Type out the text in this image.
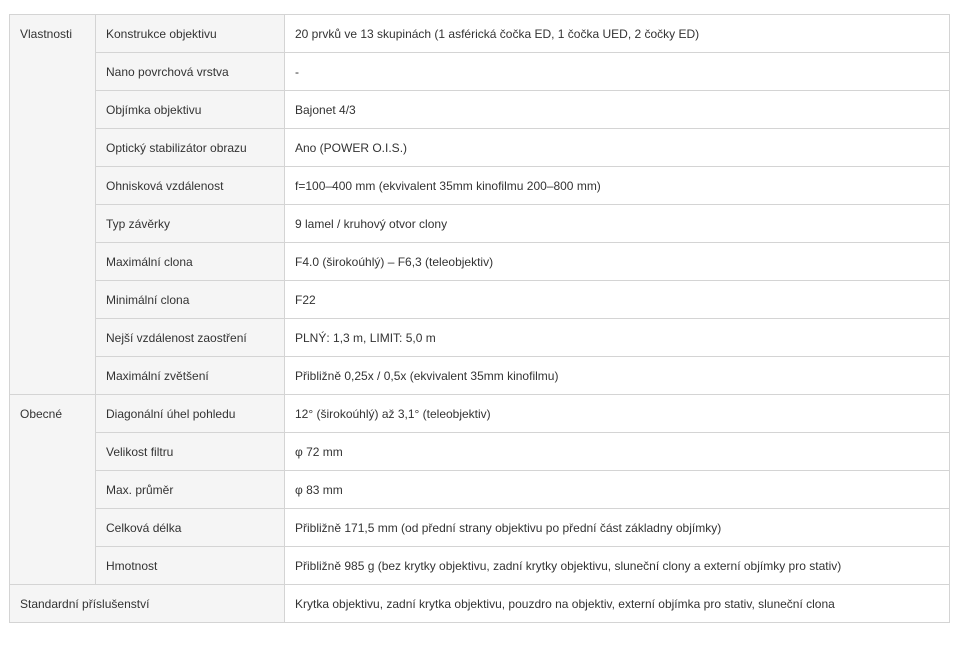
Vlastnosti	Konstrukce objektivu	20 prvků ve 13 skupinách (1 asférická čočka ED, 1 čočka UED, 2 čočky ED)
	Nano povrchová vrstva	-
	Objímka objektivu	Bajonet 4/3
	Optický stabilizátor obrazu	Ano (POWER O.I.S.)
	Ohnisková vzdálenost	f=100–400 mm (ekvivalent 35mm kinofilmu 200–800 mm)
	Typ závěrky	9 lamel / kruhový otvor clony
	Maximální clona	F4.0 (širokoúhlý) – F6,3 (teleobjektiv)
	Minimální clona	F22
	Nejší vzdálenost zaostření	PLNÝ: 1,3 m, LIMIT: 5,0 m
	Maximální zvětšení	Přibližně 0,25x / 0,5x (ekvivalent 35mm kinofilmu)
Obecné	Diagonální úhel pohledu	12° (širokoúhlý) až 3,1° (teleobjektiv)
	Velikost filtru	φ 72 mm
	Max. průměr	φ 83 mm
	Celková délka	Přibližně 171,5 mm (od přední strany objektivu po přední část základny objímky)
	Hmotnost	Přibližně 985 g (bez krytky objektivu, zadní krytky objektivu, sluneční clony a externí objímky pro stativ)
Standardní příslušenství		Krytka objektivu, zadní krytka objektivu, pouzdro na objektiv, externí objímka pro stativ, sluneční clona
